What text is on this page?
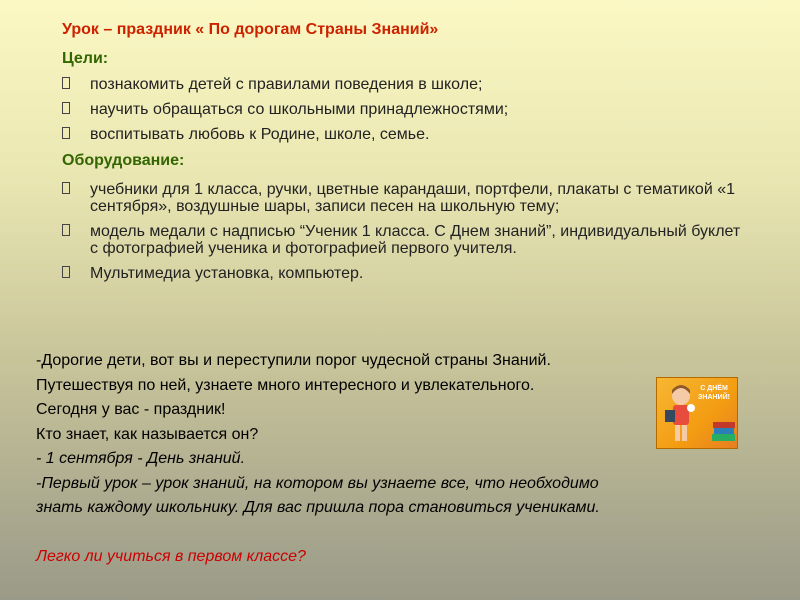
Урок – праздник « По дорогам Страны Знаний»
Цели:
познакомить детей с правилами поведения в школе;
научить обращаться со школьными принадлежностями;
воспитывать любовь к Родине, школе, семье.
Оборудование:
учебники для 1 класса, ручки, цветные карандаши, портфели, плакаты с тематикой «1 сентября», воздушные шары, записи песен на школьную тему;
модель медали с надписью “Ученик 1 класса. С Днем знаний”, индивидуальный буклет с фотографией ученика и фотографией первого учителя.
Мультимедиа установка, компьютер.

-Дорогие дети, вот вы и переступили порог чудесной страны Знаний.

Путешествуя по ней, узнаете много интересного и увлекательного.

Сегодня у вас - праздник!

Кто знает, как называется он?

- 1 сентября - День знаний.

-Первый урок – урок знаний, на котором вы узнаете все, что необходимо

знать каждому школьнику. Для вас пришла пора становиться учениками.

Легко ли учиться в первом классе?

С ДНЁМ ЗНАНИЙ!
